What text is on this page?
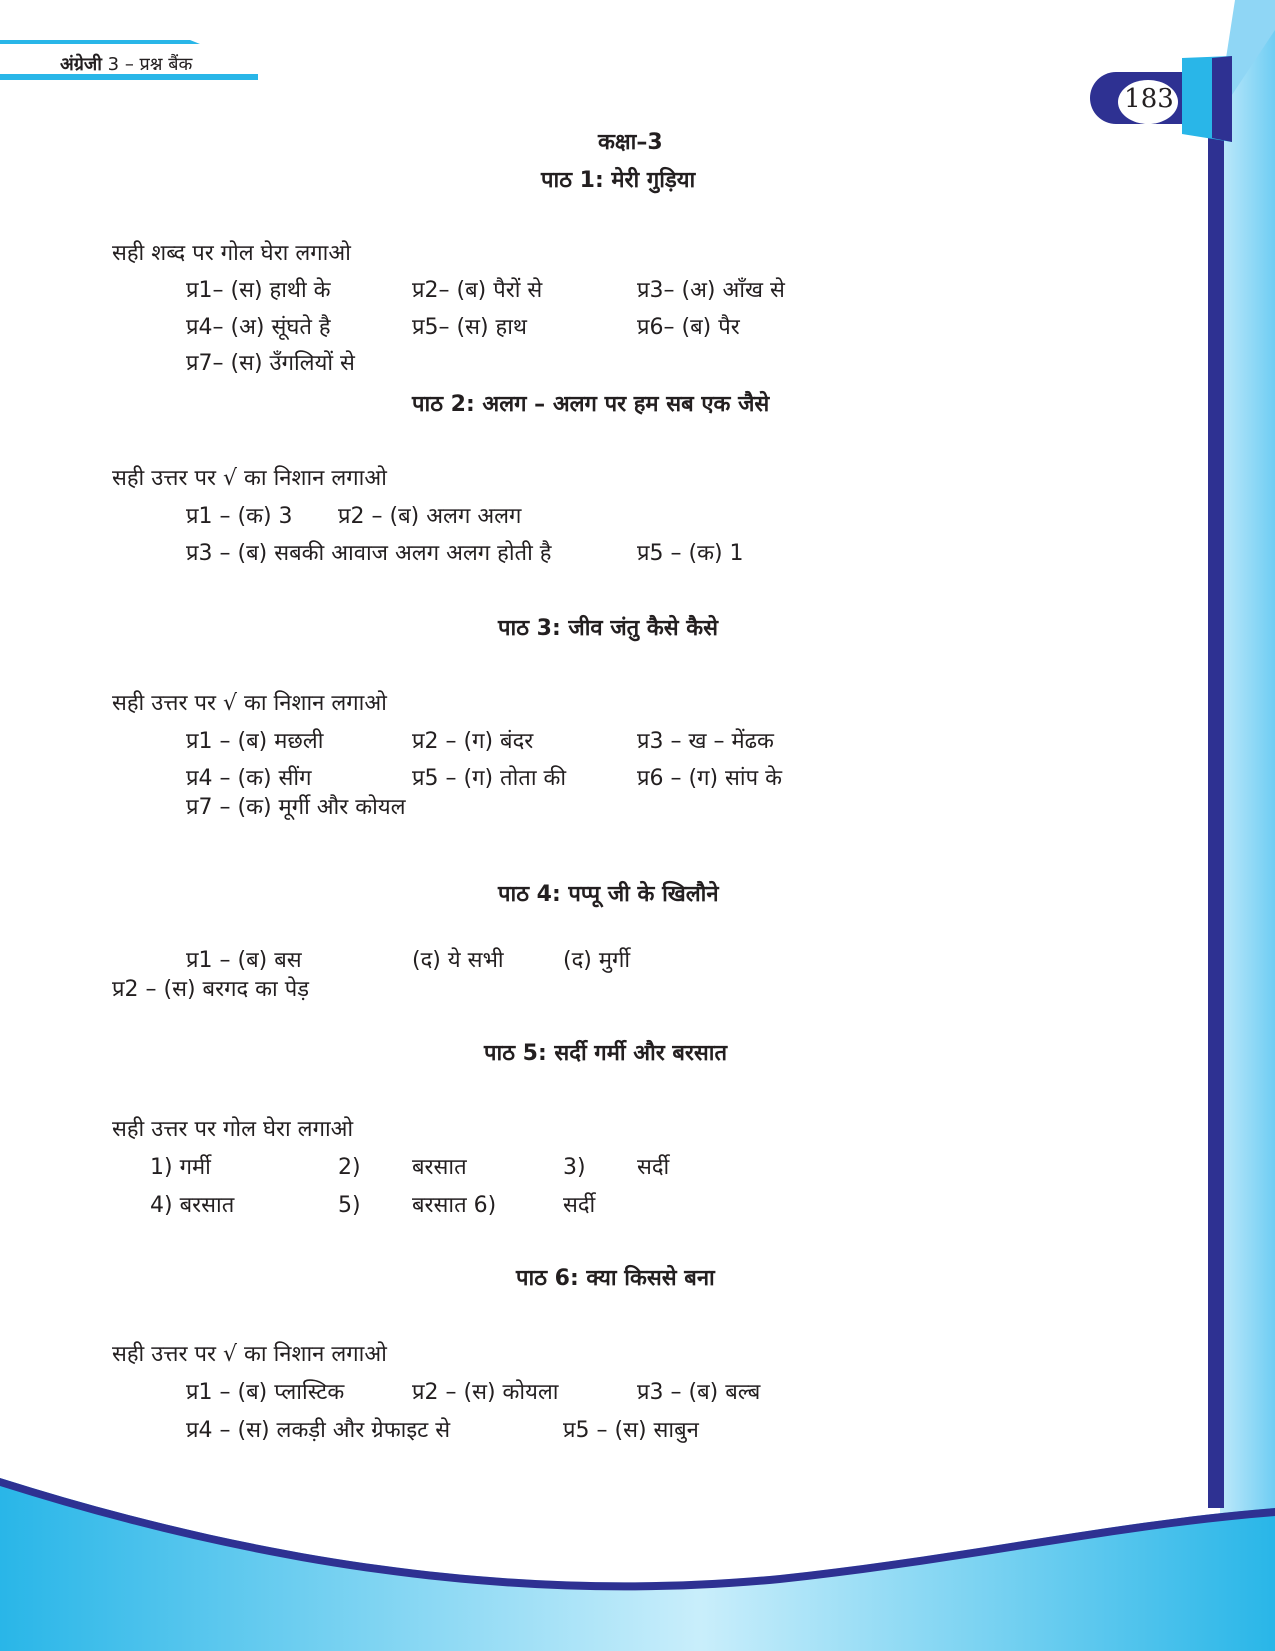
अंग्रेजी 3 – प्रश्न बैंक
183
कक्षा–3
पाठ 1: मेरी गुड़िया
सही शब्द पर गोल घेरा लगाओ
प्र1– (स) हाथी के	प्र2– (ब) पैरों से	प्र3– (अ) आँख से
प्र4– (अ) सूंघते है	प्र5– (स) हाथ	प्र6– (ब) पैर
प्र7– (स) उँगलियों से
पाठ 2: अलग – अलग पर हम सब एक जैसे
सही उत्तर पर √ का निशान लगाओ
प्र1 – (क) 3 प्र2 – (ब) अलग अलग
प्र3 – (ब) सबकी आवाज अलग अलग होती है	प्र5 – (क) 1
पाठ 3: जीव जंतु कैसे कैसे
सही उत्तर पर √ का निशान लगाओ
प्र1 – (ब) मछली	प्र2 – (ग) बंदर	प्र3 – ख – मेंढक
प्र4 – (क) सींग	प्र5 – (ग) तोता की	प्र6 – (ग) सांप के
प्र7 – (क) मूर्गी और कोयल
पाठ 4: पप्पू जी के खिलौने
प्र1 – (ब) बस	(द) ये सभी	(द) मुर्गी
प्र2 – (स) बरगद का पेड़
पाठ 5: सर्दी गर्मी और बरसात
सही उत्तर पर गोल घेरा लगाओ
1) गर्मी	2) बरसात	3) सर्दी
4) बरसात	5) बरसात 6)	सर्दी
पाठ 6: क्या किससे बना
सही उत्तर पर √ का निशान लगाओ
प्र1 – (ब) प्लास्टिक	प्र2 – (स) कोयला	प्र3 – (ब) बल्ब
प्र4 – (स) लकड़ी और ग्रेफाइट से	प्र5 – (स) साबुन
